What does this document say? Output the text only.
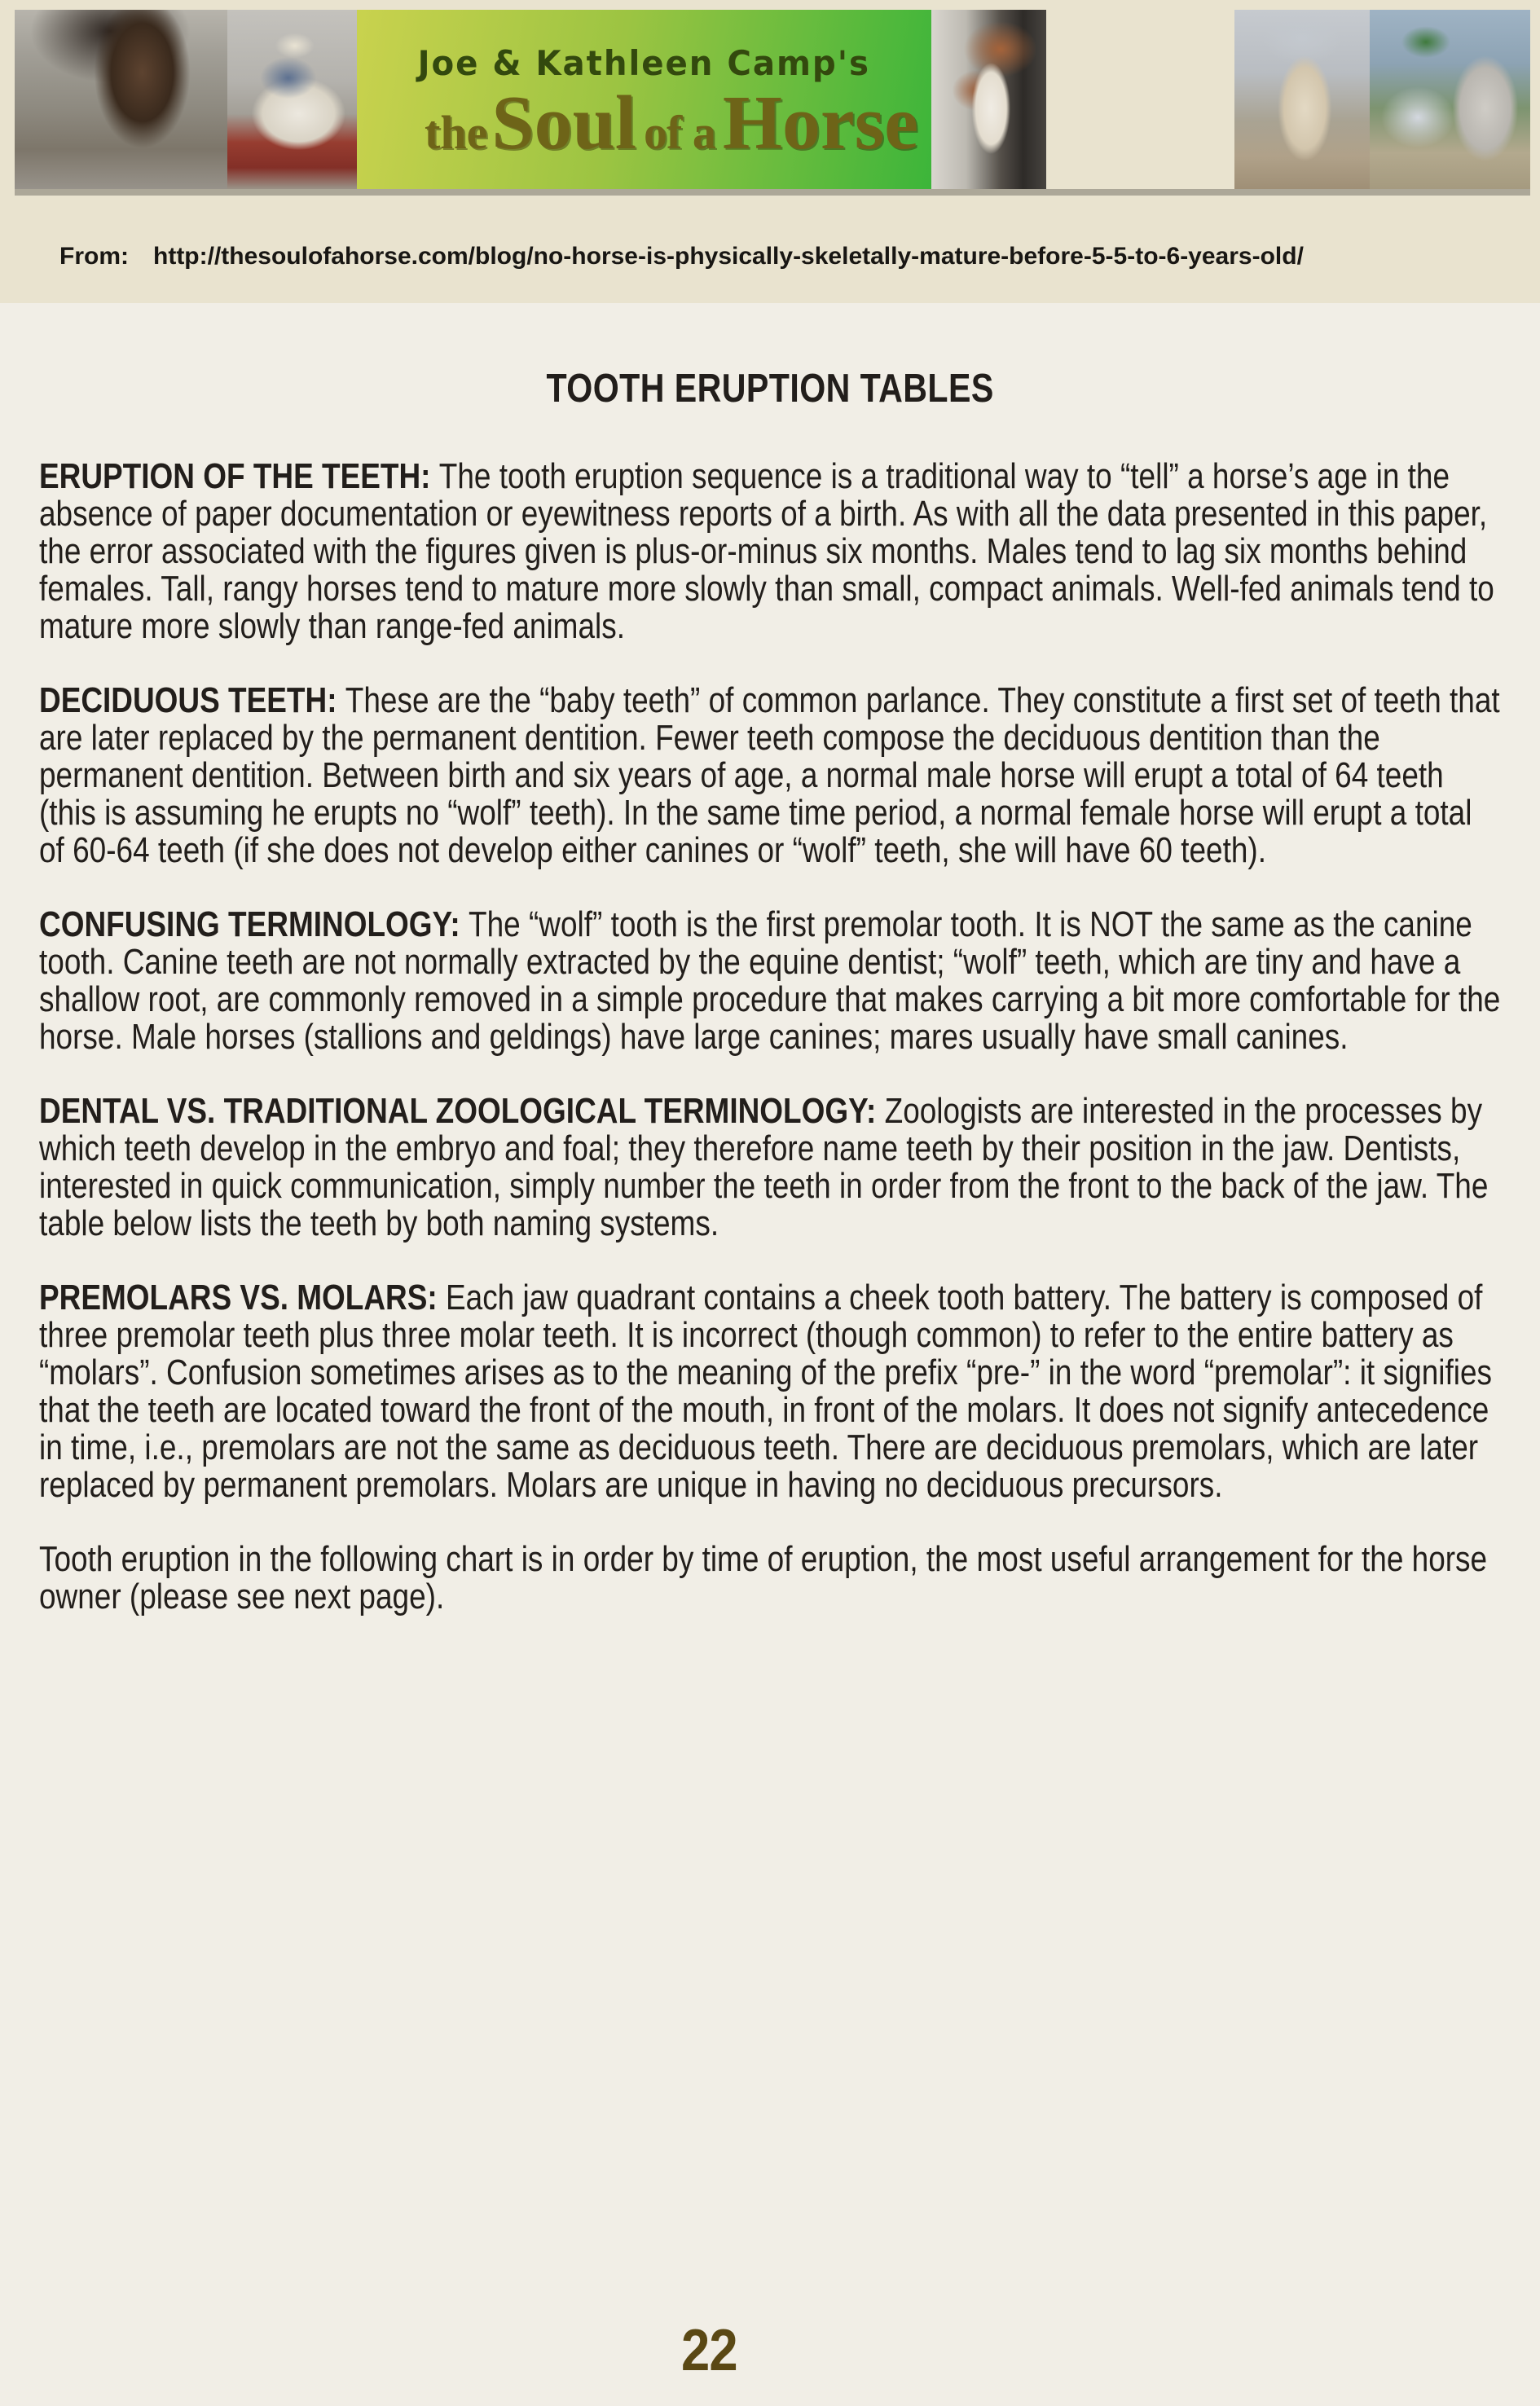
Joe & Kathleen Camp's
the Soul of a Horse
From: http://thesoulofahorse.com/blog/no-horse-is-physically-skeletally-mature-before-5-5-to-6-years-old/
TOOTH ERUPTION TABLES

ERUPTION OF THE TEETH: The tooth eruption sequence is a traditional way to “tell” a horse’s age in the absence of paper documentation or eyewitness reports of a birth. As with all the data presented in this paper, the error associated with the figures given is plus-or-minus six months. Males tend to lag six months behind females. Tall, rangy horses tend to mature more slowly than small, compact animals. Well-fed animals tend to mature more slowly than range-fed animals.

DECIDUOUS TEETH: These are the “baby teeth” of common parlance. They constitute a first set of teeth that are later replaced by the permanent dentition. Fewer teeth compose the deciduous dentition than the permanent dentition. Between birth and six years of age, a normal male horse will erupt a total of 64 teeth (this is assuming he erupts no “wolf” teeth). In the same time period, a normal female horse will erupt a total of 60-64 teeth (if she does not develop either canines or “wolf” teeth, she will have 60 teeth).

CONFUSING TERMINOLOGY: The “wolf” tooth is the first premolar tooth. It is NOT the same as the canine tooth. Canine teeth are not normally extracted by the equine dentist; “wolf” teeth, which are tiny and have a shallow root, are commonly removed in a simple procedure that makes carrying a bit more comfortable for the horse. Male horses (stallions and geldings) have large canines; mares usually have small canines.

DENTAL VS. TRADITIONAL ZOOLOGICAL TERMINOLOGY: Zoologists are interested in the processes by which teeth develop in the embryo and foal; they therefore name teeth by their position in the jaw. Dentists, interested in quick communication, simply number the teeth in order from the front to the back of the jaw. The table below lists the teeth by both naming systems.

PREMOLARS VS. MOLARS: Each jaw quadrant contains a cheek tooth battery. The battery is composed of three premolar teeth plus three molar teeth. It is incorrect (though common) to refer to the entire battery as “molars”. Confusion sometimes arises as to the meaning of the prefix “pre-” in the word “premolar”: it signifies that the teeth are located toward the front of the mouth, in front of the molars. It does not signify antecedence in time, i.e., premolars are not the same as deciduous teeth. There are deciduous premolars, which are later replaced by permanent premolars. Molars are unique in having no deciduous precursors.

Tooth eruption in the following chart is in order by time of eruption, the most useful arrangement for the horse owner (please see next page).

22
